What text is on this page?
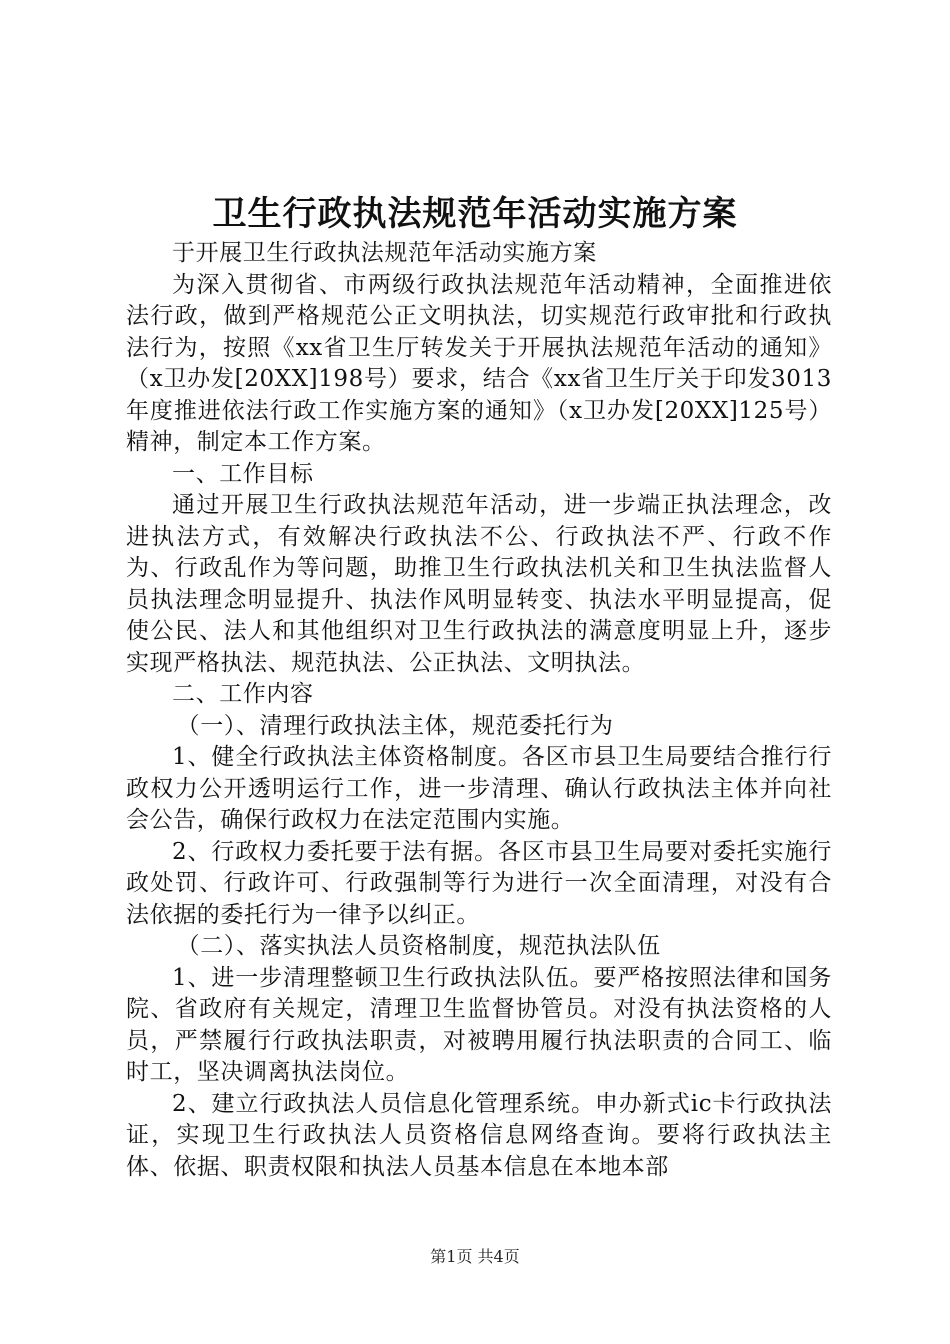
卫生行政执法规范年活动实施方案

于开展卫生行政执法规范年活动实施方案

为深入贯彻省、市两级行政执法规范年活动精神，全面推进依法行政，做到严格规范公正文明执法，切实规范行政审批和行政执法行为，按照《xx省卫生厅转发关于开展执法规范年活动的通知》（x卫办发[20XX]198号）要求，结合《xx省卫生厅关于印发3013年度推进依法行政工作实施方案的通知》（x卫办发[20XX]125号）精神，制定本工作方案。

一、工作目标

通过开展卫生行政执法规范年活动，进一步端正执法理念，改进执法方式，有效解决行政执法不公、行政执法不严、行政不作为、行政乱作为等问题，助推卫生行政执法机关和卫生执法监督人员执法理念明显提升、执法作风明显转变、执法水平明显提高，促使公民、法人和其他组织对卫生行政执法的满意度明显上升，逐步实现严格执法、规范执法、公正执法、文明执法。

二、工作内容

（一）、清理行政执法主体，规范委托行为

1、健全行政执法主体资格制度。各区市县卫生局要结合推行行政权力公开透明运行工作，进一步清理、确认行政执法主体并向社会公告，确保行政权力在法定范围内实施。

2、行政权力委托要于法有据。各区市县卫生局要对委托实施行政处罚、行政许可、行政强制等行为进行一次全面清理，对没有合法依据的委托行为一律予以纠正。

（二）、落实执法人员资格制度，规范执法队伍

1、进一步清理整顿卫生行政执法队伍。要严格按照法律和国务院、省政府有关规定，清理卫生监督协管员。对没有执法资格的人员，严禁履行行政执法职责，对被聘用履行执法职责的合同工、临时工，坚决调离执法岗位。

2、建立行政执法人员信息化管理系统。申办新式ic卡行政执法证，实现卫生行政执法人员资格信息网络查询。要将行政执法主体、依据、职责权限和执法人员基本信息在本地本部

第1页 共4页
